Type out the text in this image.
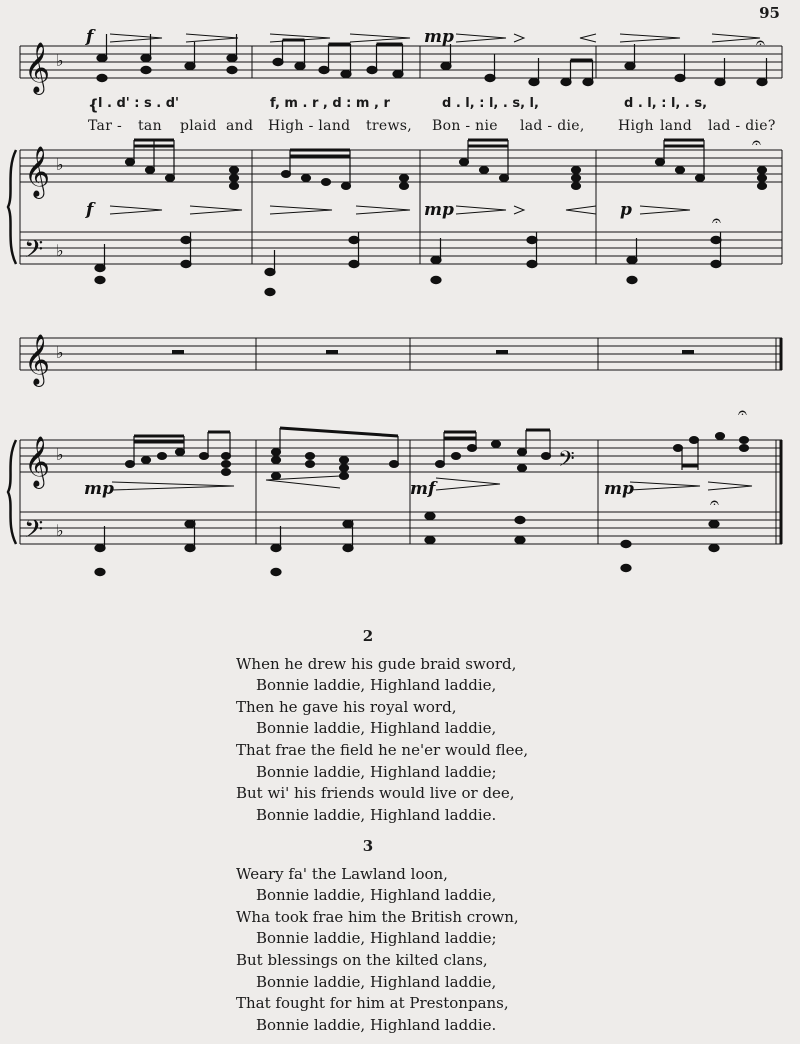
95
𝄞
𝄞
𝄞
𝄞
𝄢
𝄢
𝄢
♭
♭
♭
♭
♭
♭
f	mp
f	mp	p
mp	mf	mp
𝄐
𝄐
𝄐
𝄐
𝄐
{ l . d' : s . d'	f, m . r , d : m , r	d . l, : l, . s, l,	d . l, : l, . s,
Tar - tan plaid and High - land trews, Bon - nie lad - die, High land lad - die?
2
When he drew his gude braid sword,
Bonnie laddie, Highland laddie,
Then he gave his royal word,
Bonnie laddie, Highland laddie,
That frae the field he ne'er would flee,
Bonnie laddie, Highland laddie;
But wi' his friends would live or dee,
Bonnie laddie, Highland laddie.
3
Weary fa' the Lawland loon,
Bonnie laddie, Highland laddie,
Wha took frae him the British crown,
Bonnie laddie, Highland laddie;
But blessings on the kilted clans,
Bonnie laddie, Highland laddie,
That fought for him at Prestonpans,
Bonnie laddie, Highland laddie.
